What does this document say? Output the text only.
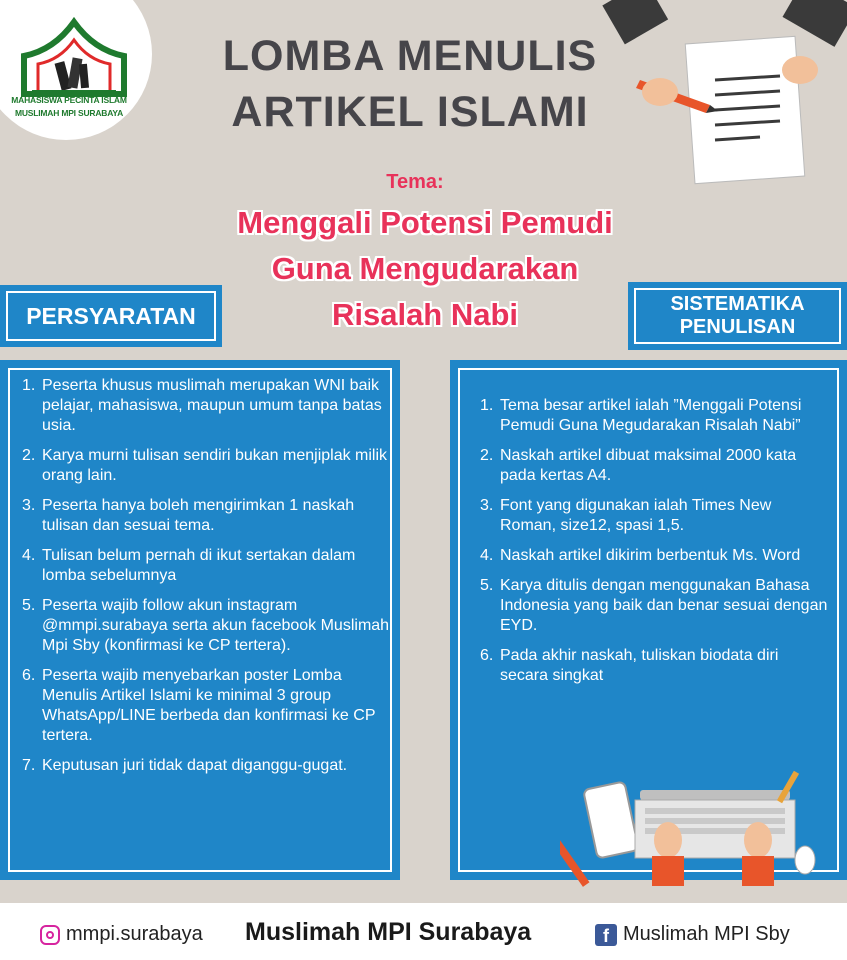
MAHASISWA PECINTA ISLAM
MUSLIMAH MPI SURABAYA
LOMBA MENULIS
ARTIKEL ISLAMI
Tema:
Menggali Potensi Pemudi
Guna Mengudarakan
Risalah Nabi
PERSYARATAN	SISTEMATIKA
PENULISAN
1. Peserta khusus muslimah merupakan WNI baik pelajar, mahasiswa, maupun umum tanpa batas usia.
2. Karya murni tulisan sendiri bukan menjiplak milik orang lain.
3. Peserta hanya boleh mengirimkan 1 naskah tulisan dan sesuai tema.
4. Tulisan belum pernah di ikut sertakan dalam lomba sebelumnya
5. Peserta wajib follow akun instagram @mmpi.surabaya serta akun facebook Muslimah Mpi Sby (konfirmasi ke CP tertera).
6. Peserta wajib menyebarkan poster Lomba Menulis Artikel Islami ke minimal 3 group WhatsApp/LINE berbeda dan konfirmasi ke CP tertera.
7. Keputusan juri tidak dapat diganggu-gugat.
1. Tema besar artikel ialah ”Menggali Potensi Pemudi Guna Megudarakan Risalah Nabi”
2. Naskah artikel dibuat maksimal 2000 kata pada kertas A4.
3. Font yang digunakan ialah Times New Roman, size12, spasi 1,5.
4. Naskah artikel dikirim berbentuk Ms. Word
5. Karya ditulis dengan menggunakan Bahasa Indonesia yang baik dan benar sesuai dengan EYD.
6. Pada akhir naskah, tuliskan biodata diri secara singkat
mmpi.surabaya Muslimah MPI Surabaya	f Muslimah MPI Sby
